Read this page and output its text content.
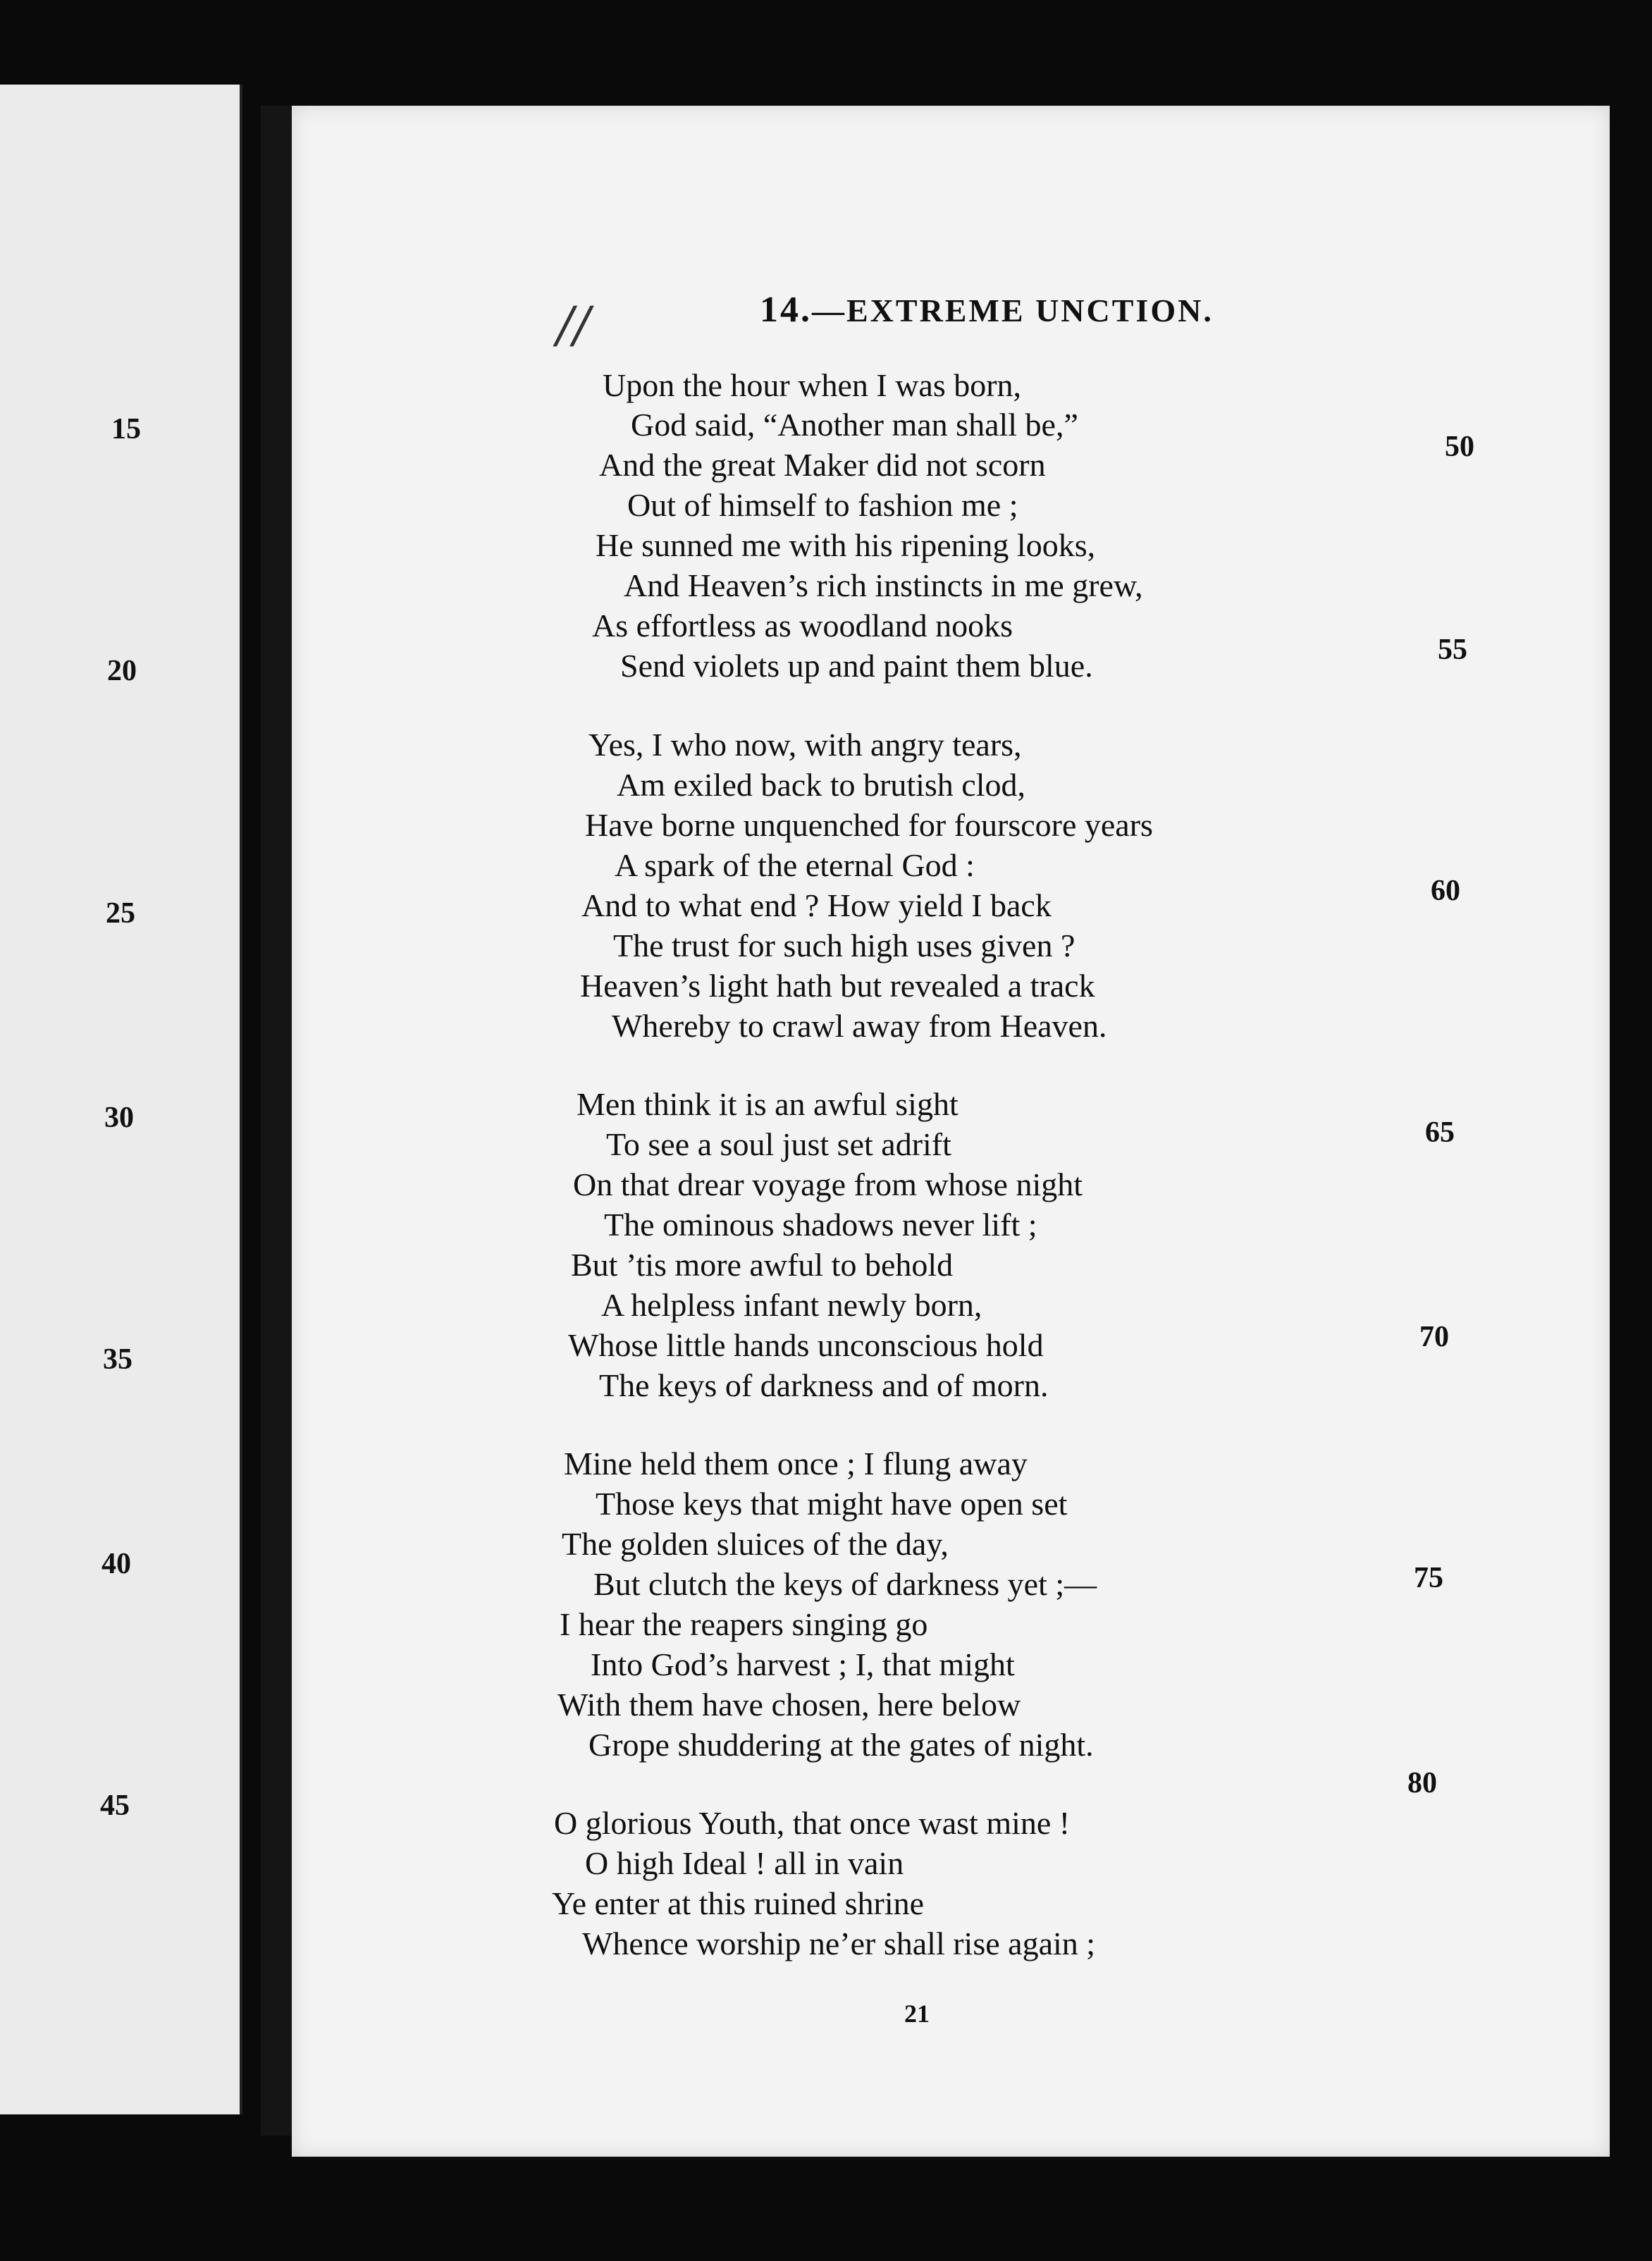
15

20

25

30

35

40

45

50

55

60

65

70

75

80

//	14.—EXTREME UNCTION.

Upon the hour when I was born,

God said, “Another man shall be,”

And the great Maker did not scorn

Out of himself to fashion me ;

He sunned me with his ripening looks,

And Heaven’s rich instincts in me grew,

As effortless as woodland nooks

Send violets up and paint them blue.

Yes, I who now, with angry tears,

Am exiled back to brutish clod,

Have borne unquenched for fourscore years

A spark of the eternal God :

And to what end ? How yield I back

The trust for such high uses given ?

Heaven’s light hath but revealed a track

Whereby to crawl away from Heaven.

Men think it is an awful sight

To see a soul just set adrift

On that drear voyage from whose night

The ominous shadows never lift ;

But ’tis more awful to behold

A helpless infant newly born,

Whose little hands unconscious hold

The keys of darkness and of morn.

Mine held them once ; I flung away

Those keys that might have open set

The golden sluices of the day,

But clutch the keys of darkness yet ;—

I hear the reapers singing go

Into God’s harvest ; I, that might

With them have chosen, here below

Grope shuddering at the gates of night.

O glorious Youth, that once wast mine !

O high Ideal ! all in vain

Ye enter at this ruined shrine

Whence worship ne’er shall rise again ;

21
